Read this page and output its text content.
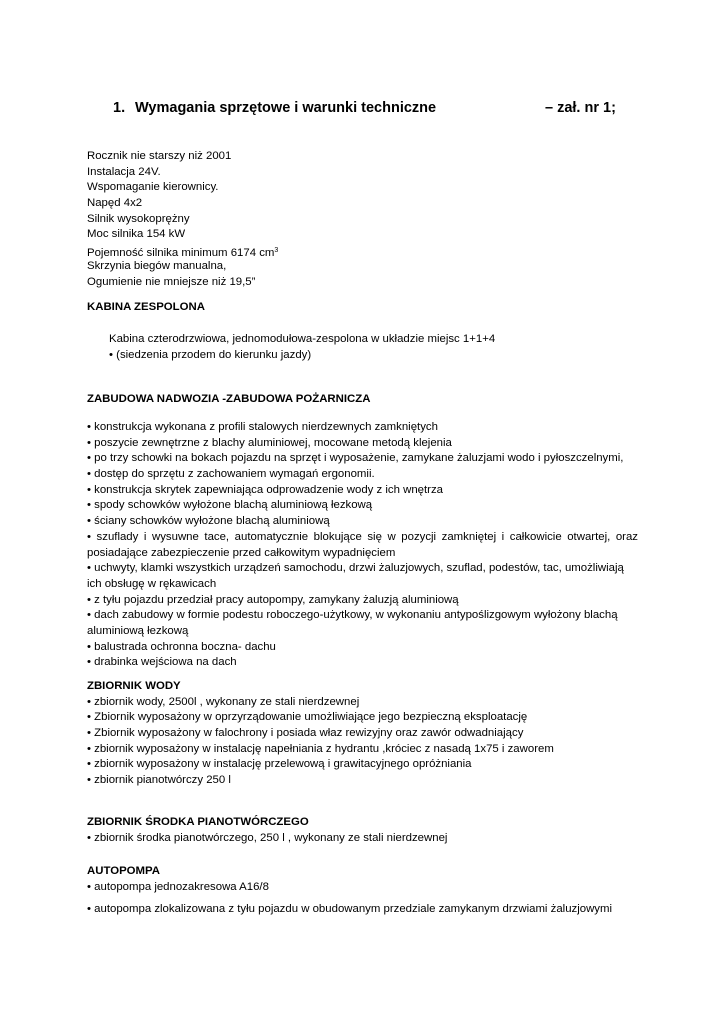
1. Wymagania sprzętowe i warunki techniczne	– zał. nr 1;
Rocznik nie starszy niż 2001
Instalacja 24V.
Wspomaganie kierownicy.
Napęd 4x2
Silnik wysokoprężny
Moc silnika 154 kW
Pojemność silnika minimum 6174 $cm^3$
Skrzynia biegów manualna,
Ogumienie nie mniejsze niż 19,5”
KABINA ZESPOLONA
Kabina czterodrzwiowa, jednomodułowa-zespolona w układzie miejsc 1+1+4
• (siedzenia przodem do kierunku jazdy)
ZABUDOWA NADWOZIA -ZABUDOWA POŻARNICZA
• konstrukcja wykonana z profili stalowych nierdzewnych zamkniętych
• poszycie zewnętrzne z blachy aluminiowej, mocowane metodą klejenia
• po trzy schowki na bokach pojazdu na sprzęt i wyposażenie, zamykane żaluzjami wodo i pyłoszczelnymi,
• dostęp do sprzętu z zachowaniem wymagań ergonomii.
• konstrukcja skrytek zapewniająca odprowadzenie wody z ich wnętrza
• spody schowków wyłożone blachą aluminiową łezkową
• ściany schowków wyłożone blachą aluminiową
• szuflady i wysuwne tace, automatycznie blokujące się w pozycji zamkniętej i całkowicie otwartej, oraz posiadające zabezpieczenie przed całkowitym wypadnięciem
• uchwyty, klamki wszystkich urządzeń samochodu, drzwi żaluzjowych, szuflad, podestów, tac, umożliwiają ich obsługę w rękawicach
• z tyłu pojazdu przedział pracy autopompy, zamykany żaluzją aluminiową
• dach zabudowy w formie podestu roboczego-użytkowy, w wykonaniu antypoślizgowym wyłożony blachą aluminiową łezkową
• balustrada ochronna boczna- dachu
• drabinka wejściowa na dach
ZBIORNIK WODY
• zbiornik wody, 2500l , wykonany ze stali nierdzewnej
• Zbiornik wyposażony w oprzyrządowanie umożliwiające jego bezpieczną eksploatację
• Zbiornik wyposażony w falochrony i posiada właz rewizyjny oraz zawór odwadniający
• zbiornik wyposażony w instalację napełniania z hydrantu ,króciec z nasadą 1x75 i zaworem
• zbiornik wyposażony w instalację przelewową i grawitacyjnego opróżniania
• zbiornik pianotwórczy 250 l
ZBIORNIK ŚRODKA PIANOTWÓRCZEGO
• zbiornik środka pianotwórczego, 250 l , wykonany ze stali nierdzewnej
AUTOPOMPA
• autopompa jednozakresowa A16/8
• autopompa zlokalizowana z tyłu pojazdu w obudowanym przedziale zamykanym drzwiami żaluzjowymi
